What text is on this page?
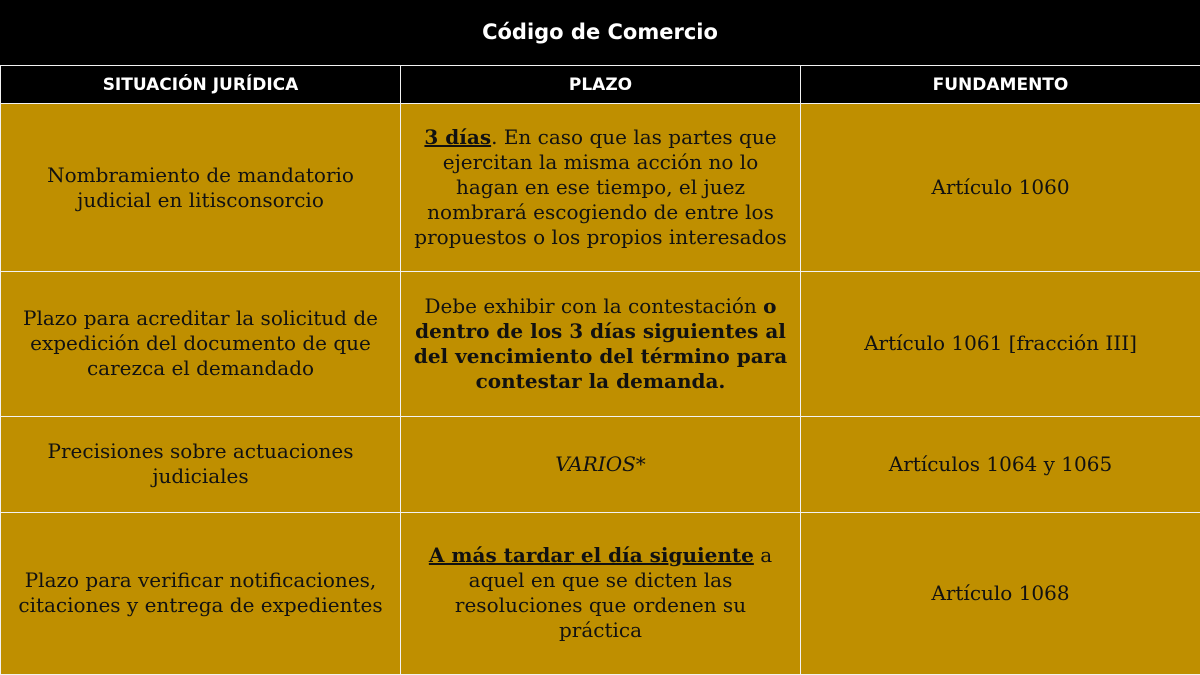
Código de Comercio
SITUACIÓN JURÍDICA	PLAZO	FUNDAMENTO
Nombramiento de mandatorio judicial en litisconsorcio	3 días. En caso que las partes que ejercitan la misma acción no lo hagan en ese tiempo, el juez nombrará escogiendo de entre los propuestos o los propios interesados	Artículo 1060
Plazo para acreditar la solicitud de expedición del documento de que carezca el demandado	Debe exhibir con la contestación o dentro de los 3 días siguientes al del vencimiento del término para contestar la demanda.	Artículo 1061 [fracción III]
Precisiones sobre actuaciones judiciales	VARIOS*	Artículos 1064 y 1065
Plazo para verificar notificaciones, citaciones y entrega de expedientes	A más tardar el día siguiente a aquel en que se dicten las resoluciones que ordenen su práctica	Artículo 1068
